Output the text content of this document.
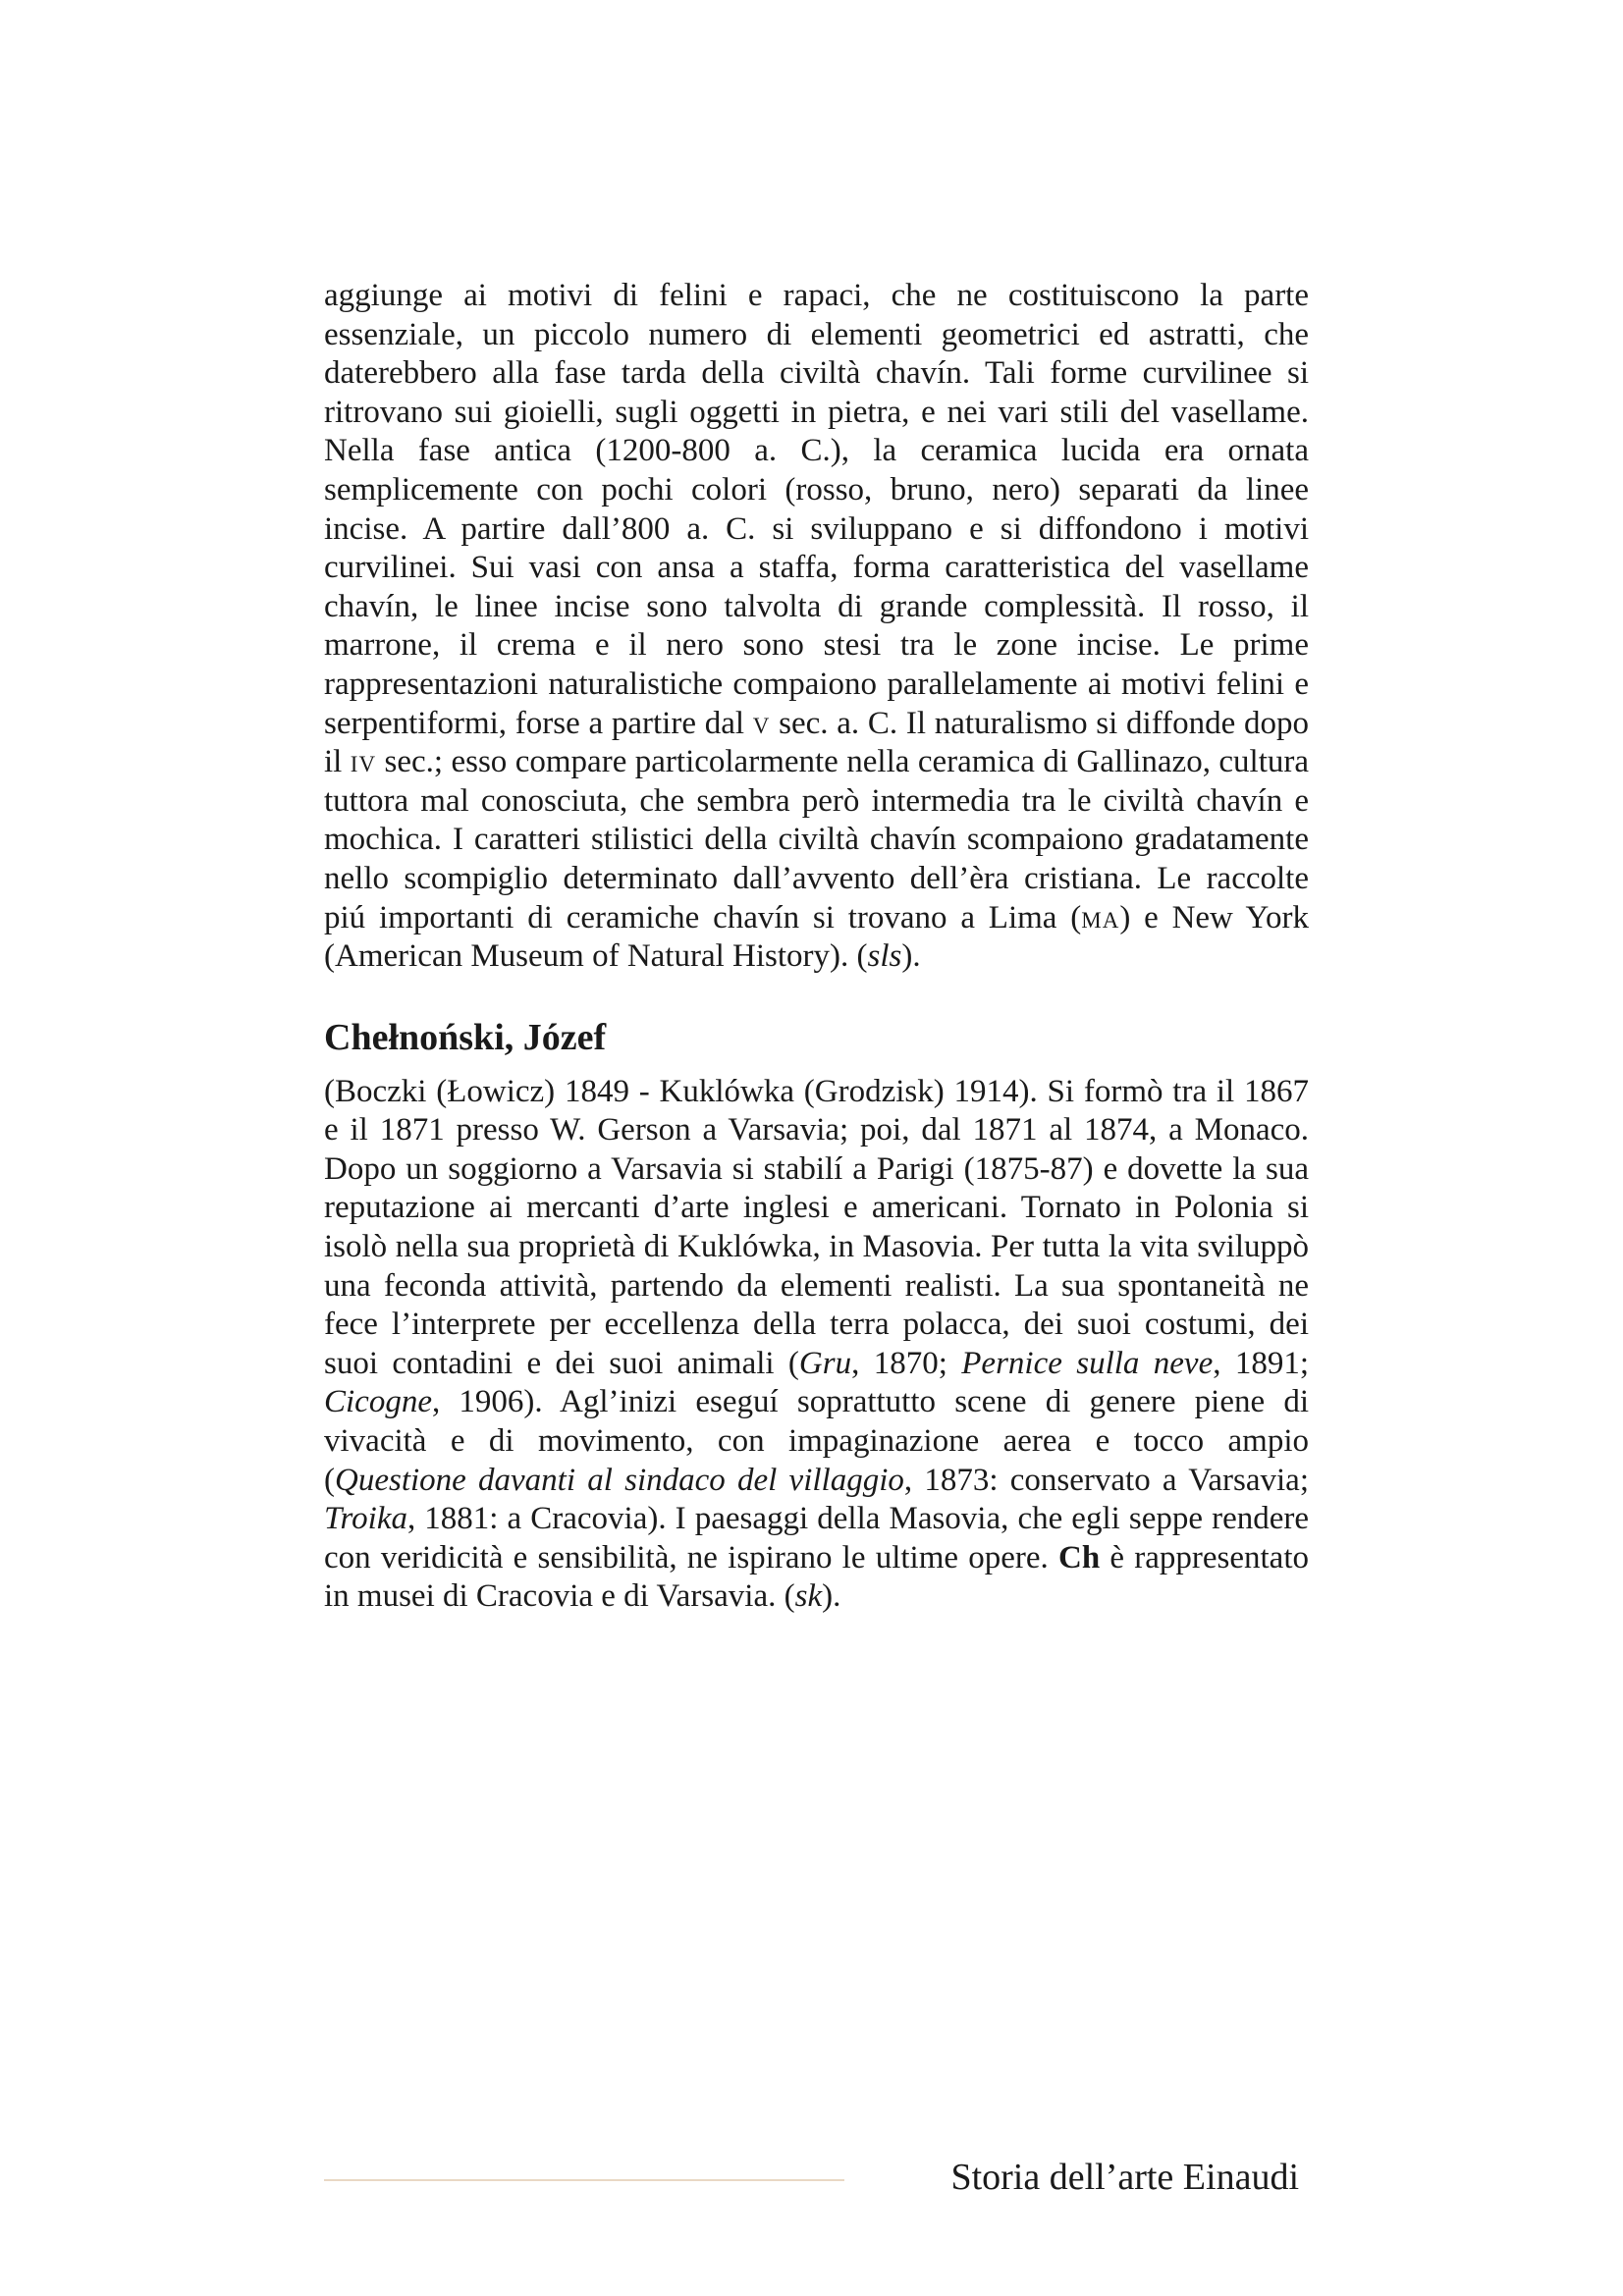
aggiunge ai motivi di felini e rapaci, che ne costituiscono la parte essenziale, un piccolo numero di elementi geometrici ed astratti, che daterebbero alla fase tarda della civiltà chavín. Tali forme curvilinee si ritrovano sui gioielli, sugli oggetti in pietra, e nei vari stili del vasellame. Nella fase antica (1200-800 a. C.), la ceramica lucida era ornata semplicemente con pochi colori (rosso, bruno, nero) separati da linee incise. A partire dall’800 a. C. si sviluppano e si diffondono i motivi curvilinei. Sui vasi con ansa a staffa, forma caratteristica del vasellame chavín, le linee incise sono talvolta di grande complessità. Il rosso, il marrone, il crema e il nero sono stesi tra le zone incise. Le prime rappresentazioni naturalistiche compaiono parallelamente ai motivi felini e serpentiformi, forse a partire dal v sec. a. C. Il naturalismo si diffonde dopo il iv sec.; esso compare particolarmente nella ceramica di Gallinazo, cultura tuttora mal conosciuta, che sembra però intermedia tra le civiltà chavín e mochica. I caratteri stilistici della civiltà chavín scompaiono gradatamente nello scompiglio determinato dall’avvento dell’èra cristiana. Le raccolte piú importanti di ceramiche chavín si trovano a Lima (ma) e New York (American Museum of Natural History). (sls).

Chełnoński, Józef

(Boczki (Łowicz) 1849 - Kuklówka (Grodzisk) 1914). Si formò tra il 1867 e il 1871 presso W. Gerson a Varsavia; poi, dal 1871 al 1874, a Monaco. Dopo un soggiorno a Varsavia si stabilí a Parigi (1875-87) e dovette la sua reputazione ai mercanti d’arte inglesi e americani. Tornato in Polonia si isolò nella sua proprietà di Kuklówka, in Masovia. Per tutta la vita sviluppò una feconda attività, partendo da elementi realisti. La sua spontaneità ne fece l’interprete per eccellenza della terra polacca, dei suoi costumi, dei suoi contadini e dei suoi animali (Gru, 1870; Pernice sulla neve, 1891; Cicogne, 1906). Agl’inizi eseguí soprattutto scene di genere piene di vivacità e di movimento, con impaginazione aerea e tocco ampio (Questione davanti al sindaco del villaggio, 1873: conservato a Varsavia; Troika, 1881: a Cracovia). I paesaggi della Masovia, che egli seppe rendere con veridicità e sensibilità, ne ispirano le ultime opere. Ch è rappresentato in musei di Cracovia e di Varsavia. (sk).

Storia dell’arte Einaudi
